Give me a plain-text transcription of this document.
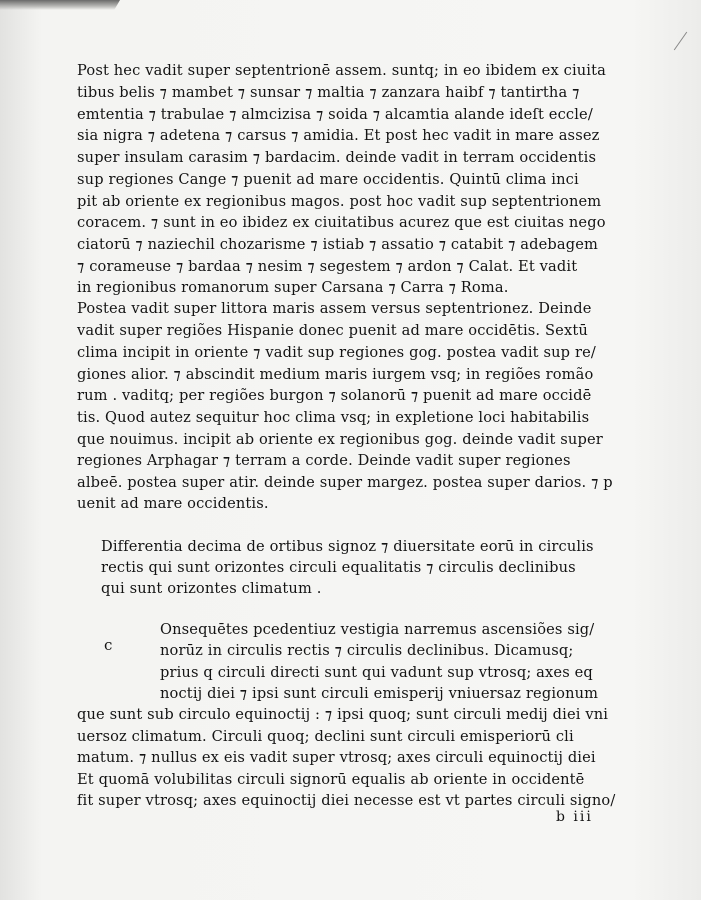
Post hec vadit super septentrionē assem. suntq; in eo ibidem ex ciuita
tibus belis ⁊ mambet ⁊ sunsar ⁊ maltia ⁊ zanzara haibf ⁊ tantirtha ⁊
emtentia ⁊ trabulae ⁊ almcizisa ⁊ soida ⁊ alcamtia alande ideſt eccle/
sia nigra ⁊ adetena ⁊ carsus ⁊ amidia. Et post hec vadit in mare assez
super insulam carasim ⁊ bardacim. deinde vadit in terram occidentis
sup regiones Cange ⁊ puenit ad mare occidentis. Quintū clima inci
pit ab oriente ex regionibus magos. post hoc vadit sup septentrionem
coracem. ⁊ sunt in eo ibidez ex ciuitatibus acurez que est ciuitas nego
ciatorū ⁊ naziechil chozarisme ⁊ istiab ⁊ assatio ⁊ catabit ⁊ adebagem
⁊ corameuse ⁊ bardaa ⁊ nesim ⁊ segestem ⁊ ardon ⁊ Calat. Et vadit
in regionibus romanorum super Carsana ⁊ Carra ⁊ Roma.
Postea vadit super littora maris assem versus septentrionez. Deinde
vadit super regiões Hispanie donec puenit ad mare occidētis. Sextū
clima incipit in oriente ⁊ vadit sup regiones gog. postea vadit sup re/
giones alior. ⁊ abscindit medium maris iurgem vsq; in regiões romão
rum . vaditq; per regiões burgon ⁊ solanorū ⁊ puenit ad mare occidē
tis. Quod autez sequitur hoc clima vsq; in expletione loci habitabilis
que nouimus. incipit ab oriente ex regionibus gog. deinde vadit super
regiones Arphagar ⁊ terram a corde. Deinde vadit super regiones
albeē. postea super atir. deinde super margez. postea super darios. ⁊ p
uenit ad mare occidentis.
Differentia decima de ortibus signoz ⁊ diuersitate eorū in circulis
rectis qui sunt orizontes circuli equalitatis ⁊ circulis declinibus
qui sunt orizontes climatum .
c
Onsequētes pcedentiuz vestigia narremus ascensiões sig/
norūz in circulis rectis ⁊ circulis declinibus. Dicamusq;
prius q circuli directi sunt qui vadunt sup vtrosq; axes eq
noctij diei ⁊ ipsi sunt circuli emisperij vniuersaz regionum
que sunt sub circulo equinoctij : ⁊ ipsi quoq; sunt circuli medij diei vni
uersoz climatum. Circuli quoq; declini sunt circuli emisperiorū cli
matum. ⁊ nullus ex eis vadit super vtrosq; axes circuli equinoctij diei
Et quomā volubilitas circuli signorū equalis ab oriente in occidentē
fit super vtrosq; axes equinoctij diei necesse est vt partes circuli signo/
b iii
